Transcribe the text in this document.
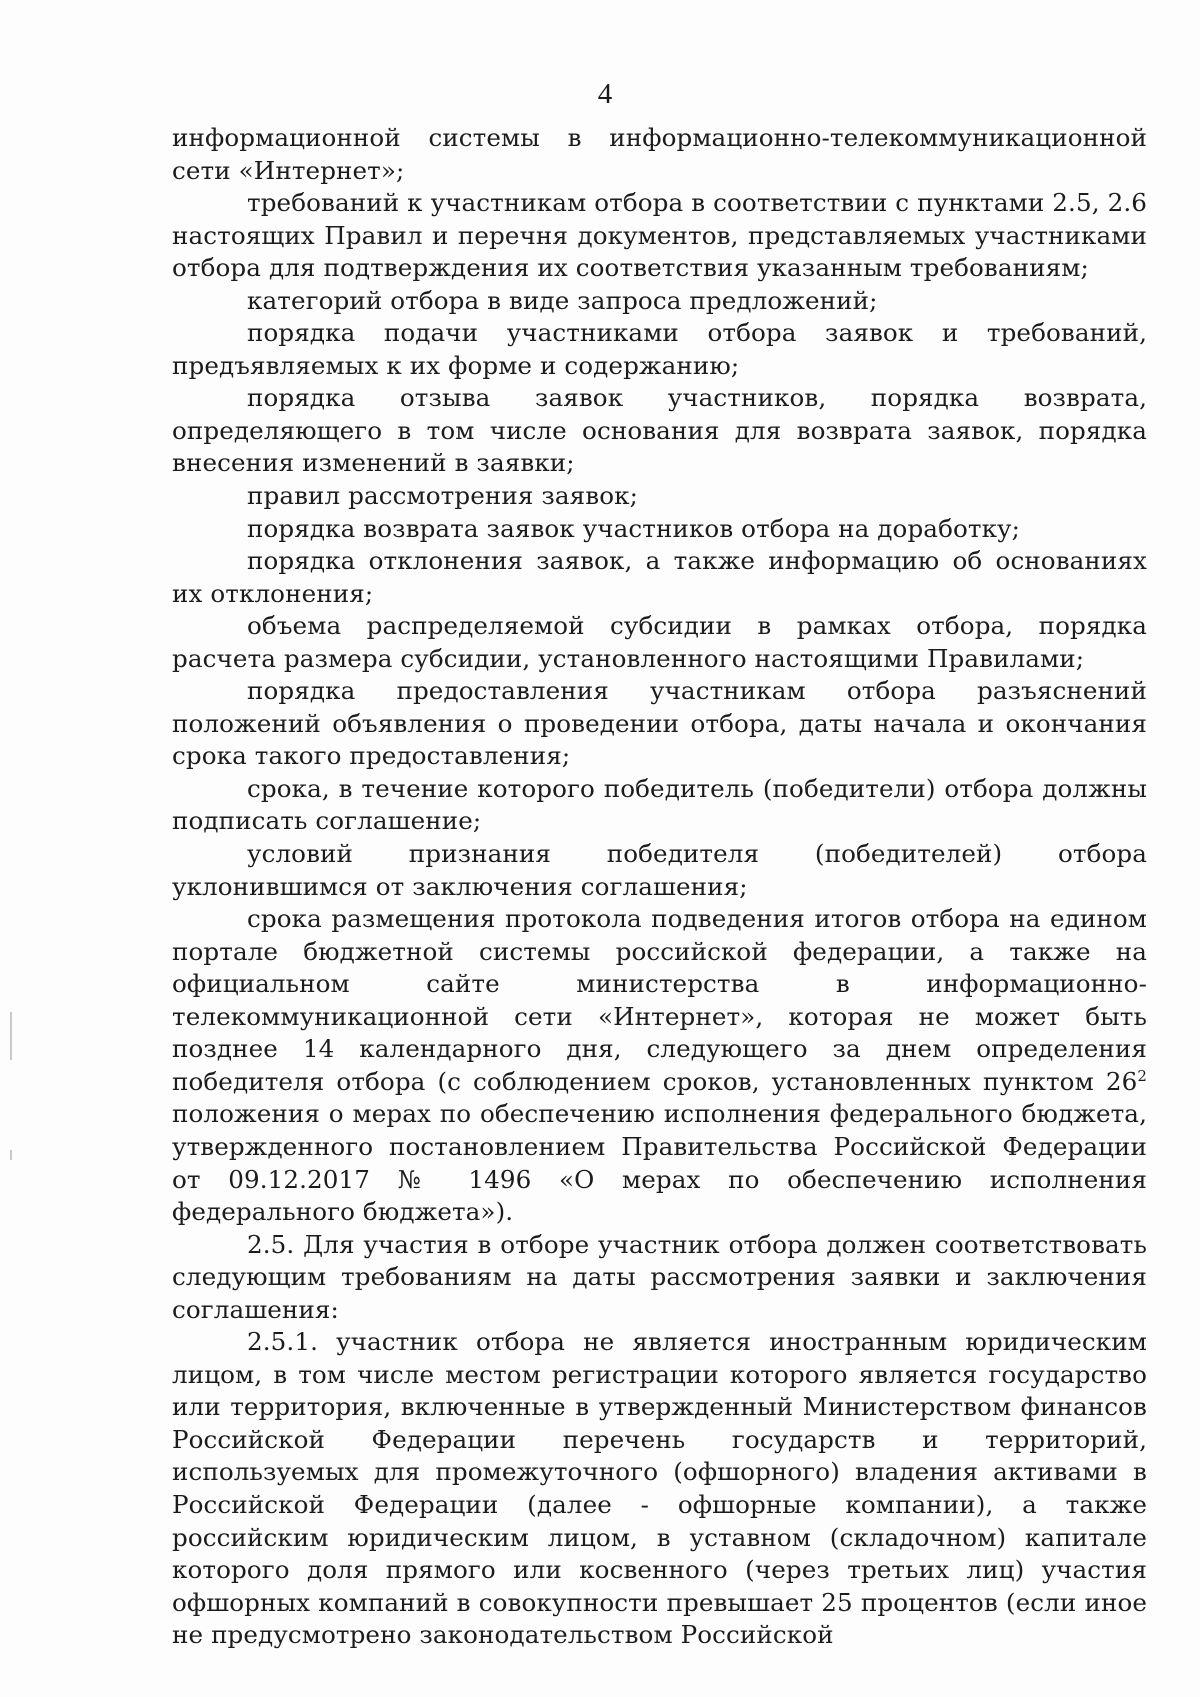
4

информационной системы в информационно-телекоммуникационной сети «Интернет»;

требований к участникам отбора в соответствии с пунктами 2.5, 2.6 настоящих Правил и перечня документов, представляемых участниками отбора для подтверждения их соответствия указанным требованиям;

категорий отбора в виде запроса предложений;

порядка подачи участниками отбора заявок и требований, предъявляемых к их форме и содержанию;

порядка отзыва заявок участников, порядка возврата, определяющего в том числе основания для возврата заявок, порядка внесения изменений в заявки;

правил рассмотрения заявок;

порядка возврата заявок участников отбора на доработку;

порядка отклонения заявок, а также информацию об основаниях их отклонения;

объема распределяемой субсидии в рамках отбора, порядка расчета размера субсидии, установленного настоящими Правилами;

порядка предоставления участникам отбора разъяснений положений объявления о проведении отбора, даты начала и окончания срока такого предоставления;

срока, в течение которого победитель (победители) отбора должны подписать соглашение;

условий признания победителя (победителей) отбора уклонившимся от заключения соглашения;

срока размещения протокола подведения итогов отбора на едином портале бюджетной системы российской федерации, а также на официальном сайте министерства в информационно-телекоммуникационной сети «Интернет», которая не может быть позднее 14 календарного дня, следующего за днем определения победителя отбора (с соблюдением сроков, установленных пунктом $26^2$ положения о мерах по обеспечению исполнения федерального бюджета, утвержденного постановлением Правительства Российской Федерации от 09.12.2017 № 1496 «О мерах по обеспечению исполнения федерального бюджета»).

2.5. Для участия в отборе участник отбора должен соответствовать следующим требованиям на даты рассмотрения заявки и заключения соглашения:

2.5.1. участник отбора не является иностранным юридическим лицом, в том числе местом регистрации которого является государство или территория, включенные в утвержденный Министерством финансов Российской Федерации перечень государств и территорий, используемых для промежуточного (офшорного) владения активами в Российской Федерации (далее - офшорные компании), а также российским юридическим лицом, в уставном (складочном) капитале которого доля прямого или косвенного (через третьих лиц) участия офшорных компаний в совокупности превышает 25 процентов (если иное не предусмотрено законодательством Российской
